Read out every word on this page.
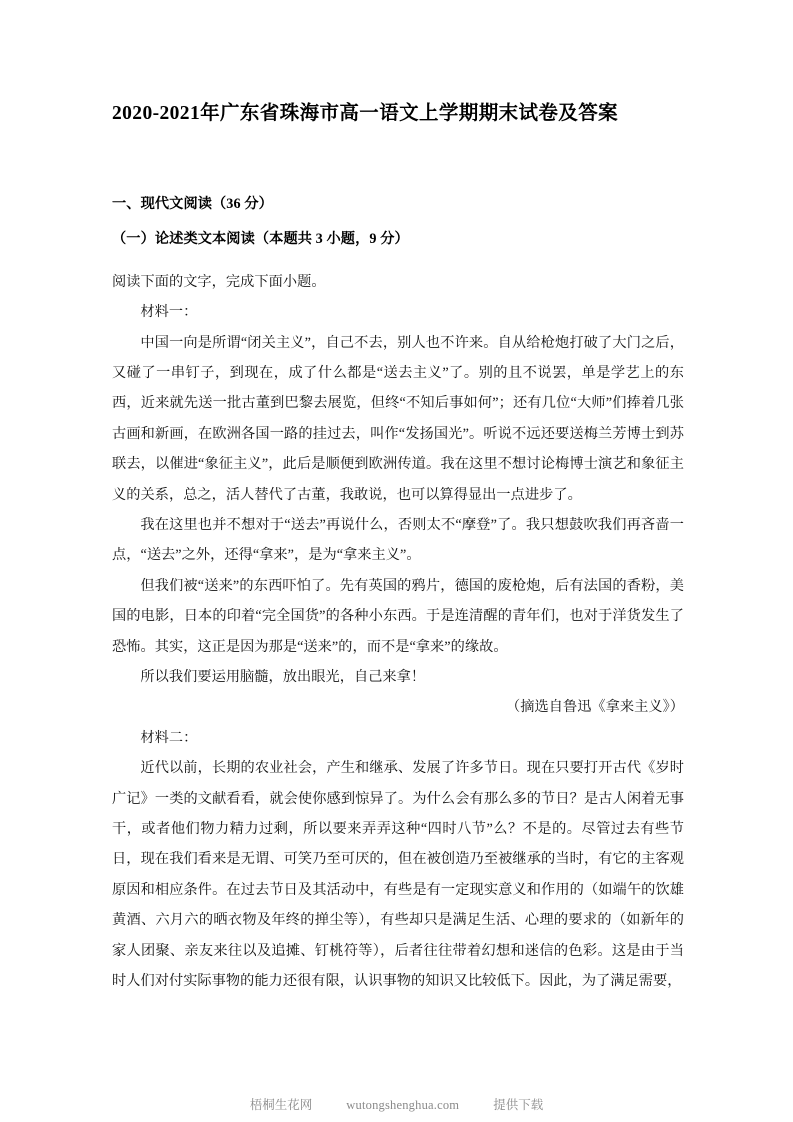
2020-2021年广东省珠海市高一语文上学期期末试卷及答案
一、现代文阅读（36 分）
（一）论述类文本阅读（本题共 3 小题，9 分）

阅读下面的文字，完成下面小题。

材料一：

中国一向是所谓“闭关主义”，自己不去，别人也不许来。自从给枪炮打破了大门之后，又碰了一串钉子，到现在，成了什么都是“送去主义”了。别的且不说罢，单是学艺上的东西，近来就先送一批古董到巴黎去展览，但终“不知后事如何”；还有几位“大师”们捧着几张古画和新画，在欧洲各国一路的挂过去，叫作“发扬国光”。听说不远还要送梅兰芳博士到苏联去，以催进“象征主义”，此后是顺便到欧洲传道。我在这里不想讨论梅博士演艺和象征主义的关系，总之，活人替代了古董，我敢说，也可以算得显出一点进步了。

我在这里也并不想对于“送去”再说什么，否则太不“摩登”了。我只想鼓吹我们再吝啬一点，“送去”之外，还得“拿来”，是为“拿来主义”。

但我们被“送来”的东西吓怕了。先有英国的鸦片，德国的废枪炮，后有法国的香粉，美国的电影，日本的印着“完全国货”的各种小东西。于是连清醒的青年们，也对于洋货发生了恐怖。其实，这正是因为那是“送来”的，而不是“拿来”的缘故。

所以我们要运用脑髓，放出眼光，自己来拿！

（摘选自鲁迅《拿来主义》）

材料二：

近代以前，长期的农业社会，产生和继承、发展了许多节日。现在只要打开古代《岁时广记》一类的文献看看，就会使你感到惊异了。为什么会有那么多的节日？是古人闲着无事干，或者他们物力精力过剩，所以要来弄弄这种“四时八节”么？不是的。尽管过去有些节日，现在我们看来是无谓、可笑乃至可厌的，但在被创造乃至被继承的当时，有它的主客观原因和相应条件。在过去节日及其活动中，有些是有一定现实意义和作用的（如端午的饮雄黄酒、六月六的晒衣物及年终的掸尘等），有些却只是满足生活、心理的要求的（如新年的家人团聚、亲友来往以及追摊、钉桃符等），后者往往带着幻想和迷信的色彩。这是由于当时人们对付实际事物的能力还很有限，认识事物的知识又比较低下。因此，为了满足需要，

梧桐生花网	wutongshenghua.com	提供下载
